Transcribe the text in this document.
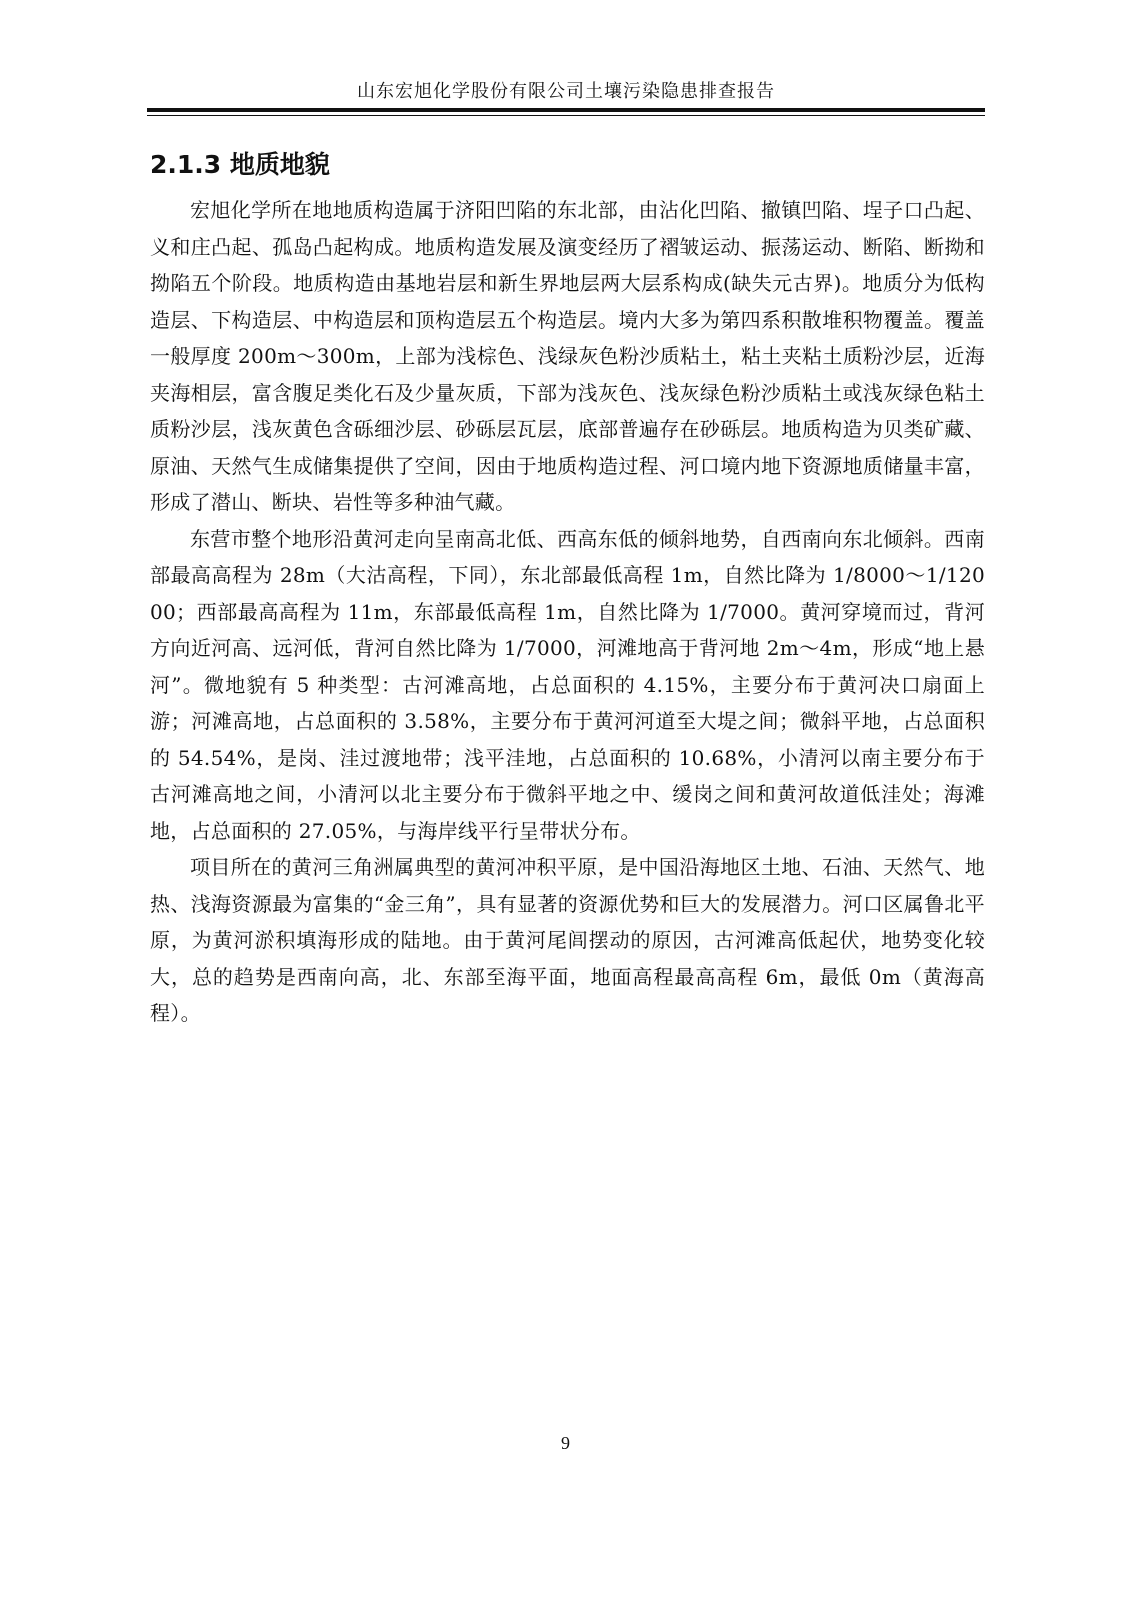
山东宏旭化学股份有限公司土壤污染隐患排查报告
2.1.3 地质地貌

宏旭化学所在地地质构造属于济阳凹陷的东北部，由沾化凹陷、撤镇凹陷、埕子口凸起、义和庄凸起、孤岛凸起构成。地质构造发展及演变经历了褶皱运动、振荡运动、断陷、断拗和拗陷五个阶段。地质构造由基地岩层和新生界地层两大层系构成(缺失元古界)。地质分为低构造层、下构造层、中构造层和顶构造层五个构造层。境内大多为第四系积散堆积物覆盖。覆盖一般厚度 200m～300m，上部为浅棕色、浅绿灰色粉沙质粘土，粘土夹粘土质粉沙层，近海夹海相层，富含腹足类化石及少量灰质，下部为浅灰色、浅灰绿色粉沙质粘土或浅灰绿色粘土质粉沙层，浅灰黄色含砾细沙层、砂砾层瓦层，底部普遍存在砂砾层。地质构造为贝类矿藏、原油、天然气生成储集提供了空间，因由于地质构造过程、河口境内地下资源地质储量丰富，形成了潜山、断块、岩性等多种油气藏。

东营市整个地形沿黄河走向呈南高北低、西高东低的倾斜地势，自西南向东北倾斜。西南部最高高程为 28m（大沽高程，下同），东北部最低高程 1m，自然比降为 1/8000～1/12000；西部最高高程为 11m，东部最低高程 1m，自然比降为 1/7000。黄河穿境而过，背河方向近河高、远河低，背河自然比降为 1/7000，河滩地高于背河地 2m～4m，形成“地上悬河”。微地貌有 5 种类型：古河滩高地，占总面积的 4.15%，主要分布于黄河决口扇面上游；河滩高地，占总面积的 3.58%，主要分布于黄河河道至大堤之间；微斜平地，占总面积的 54.54%，是岗、洼过渡地带；浅平洼地，占总面积的 10.68%，小清河以南主要分布于古河滩高地之间，小清河以北主要分布于微斜平地之中、缓岗之间和黄河故道低洼处；海滩地，占总面积的 27.05%，与海岸线平行呈带状分布。

项目所在的黄河三角洲属典型的黄河冲积平原，是中国沿海地区土地、石油、天然气、地热、浅海资源最为富集的“金三角”，具有显著的资源优势和巨大的发展潜力。河口区属鲁北平原，为黄河淤积填海形成的陆地。由于黄河尾闾摆动的原因，古河滩高低起伏，地势变化较大，总的趋势是西南向高，北、东部至海平面，地面高程最高高程 6m，最低 0m（黄海高程）。

9
